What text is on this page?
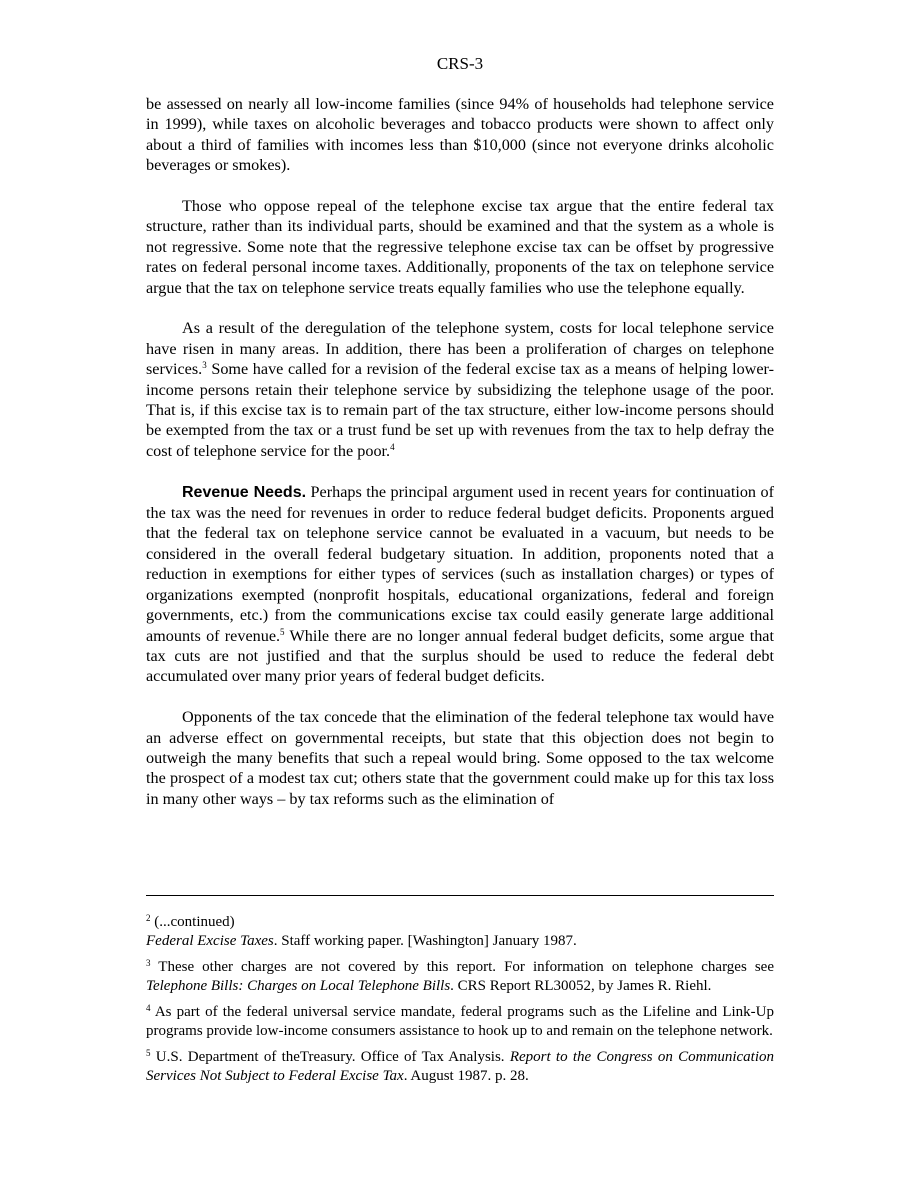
CRS-3

be assessed on nearly all low-income families (since 94% of households had telephone service in 1999), while taxes on alcoholic beverages and tobacco products were shown to affect only about a third of families with incomes less than $10,000 (since not everyone drinks alcoholic beverages or smokes).

Those who oppose repeal of the telephone excise tax argue that the entire federal tax structure, rather than its individual parts, should be examined and that the system as a whole is not regressive. Some note that the regressive telephone excise tax can be offset by progressive rates on federal personal income taxes. Additionally, proponents of the tax on telephone service argue that the tax on telephone service treats equally families who use the telephone equally.

As a result of the deregulation of the telephone system, costs for local telephone service have risen in many areas. In addition, there has been a proliferation of charges on telephone services.$^3$ Some have called for a revision of the federal excise tax as a means of helping lower-income persons retain their telephone service by subsidizing the telephone usage of the poor. That is, if this excise tax is to remain part of the tax structure, either low-income persons should be exempted from the tax or a trust fund be set up with revenues from the tax to help defray the cost of telephone service for the poor.$^4$

Revenue Needs. Perhaps the principal argument used in recent years for continuation of the tax was the need for revenues in order to reduce federal budget deficits. Proponents argued that the federal tax on telephone service cannot be evaluated in a vacuum, but needs to be considered in the overall federal budgetary situation. In addition, proponents noted that a reduction in exemptions for either types of services (such as installation charges) or types of organizations exempted (nonprofit hospitals, educational organizations, federal and foreign governments, etc.) from the communications excise tax could easily generate large additional amounts of revenue.$^5$ While there are no longer annual federal budget deficits, some argue that tax cuts are not justified and that the surplus should be used to reduce the federal debt accumulated over many prior years of federal budget deficits.

Opponents of the tax concede that the elimination of the federal telephone tax would have an adverse effect on governmental receipts, but state that this objection does not begin to outweigh the many benefits that such a repeal would bring. Some opposed to the tax welcome the prospect of a modest tax cut; others state that the government could make up for this tax loss in many other ways – by tax reforms such as the elimination of

$^2$ (...continued)
Federal Excise Taxes. Staff working paper. [Washington] January 1987.
$^3$ These other charges are not covered by this report. For information on telephone charges see Telephone Bills: Charges on Local Telephone Bills. CRS Report RL30052, by James R. Riehl.
$^4$ As part of the federal universal service mandate, federal programs such as the Lifeline and Link-Up programs provide low-income consumers assistance to hook up to and remain on the telephone network.
$^5$ U.S. Department of theTreasury. Office of Tax Analysis. Report to the Congress on Communication Services Not Subject to Federal Excise Tax. August 1987. p. 28.
